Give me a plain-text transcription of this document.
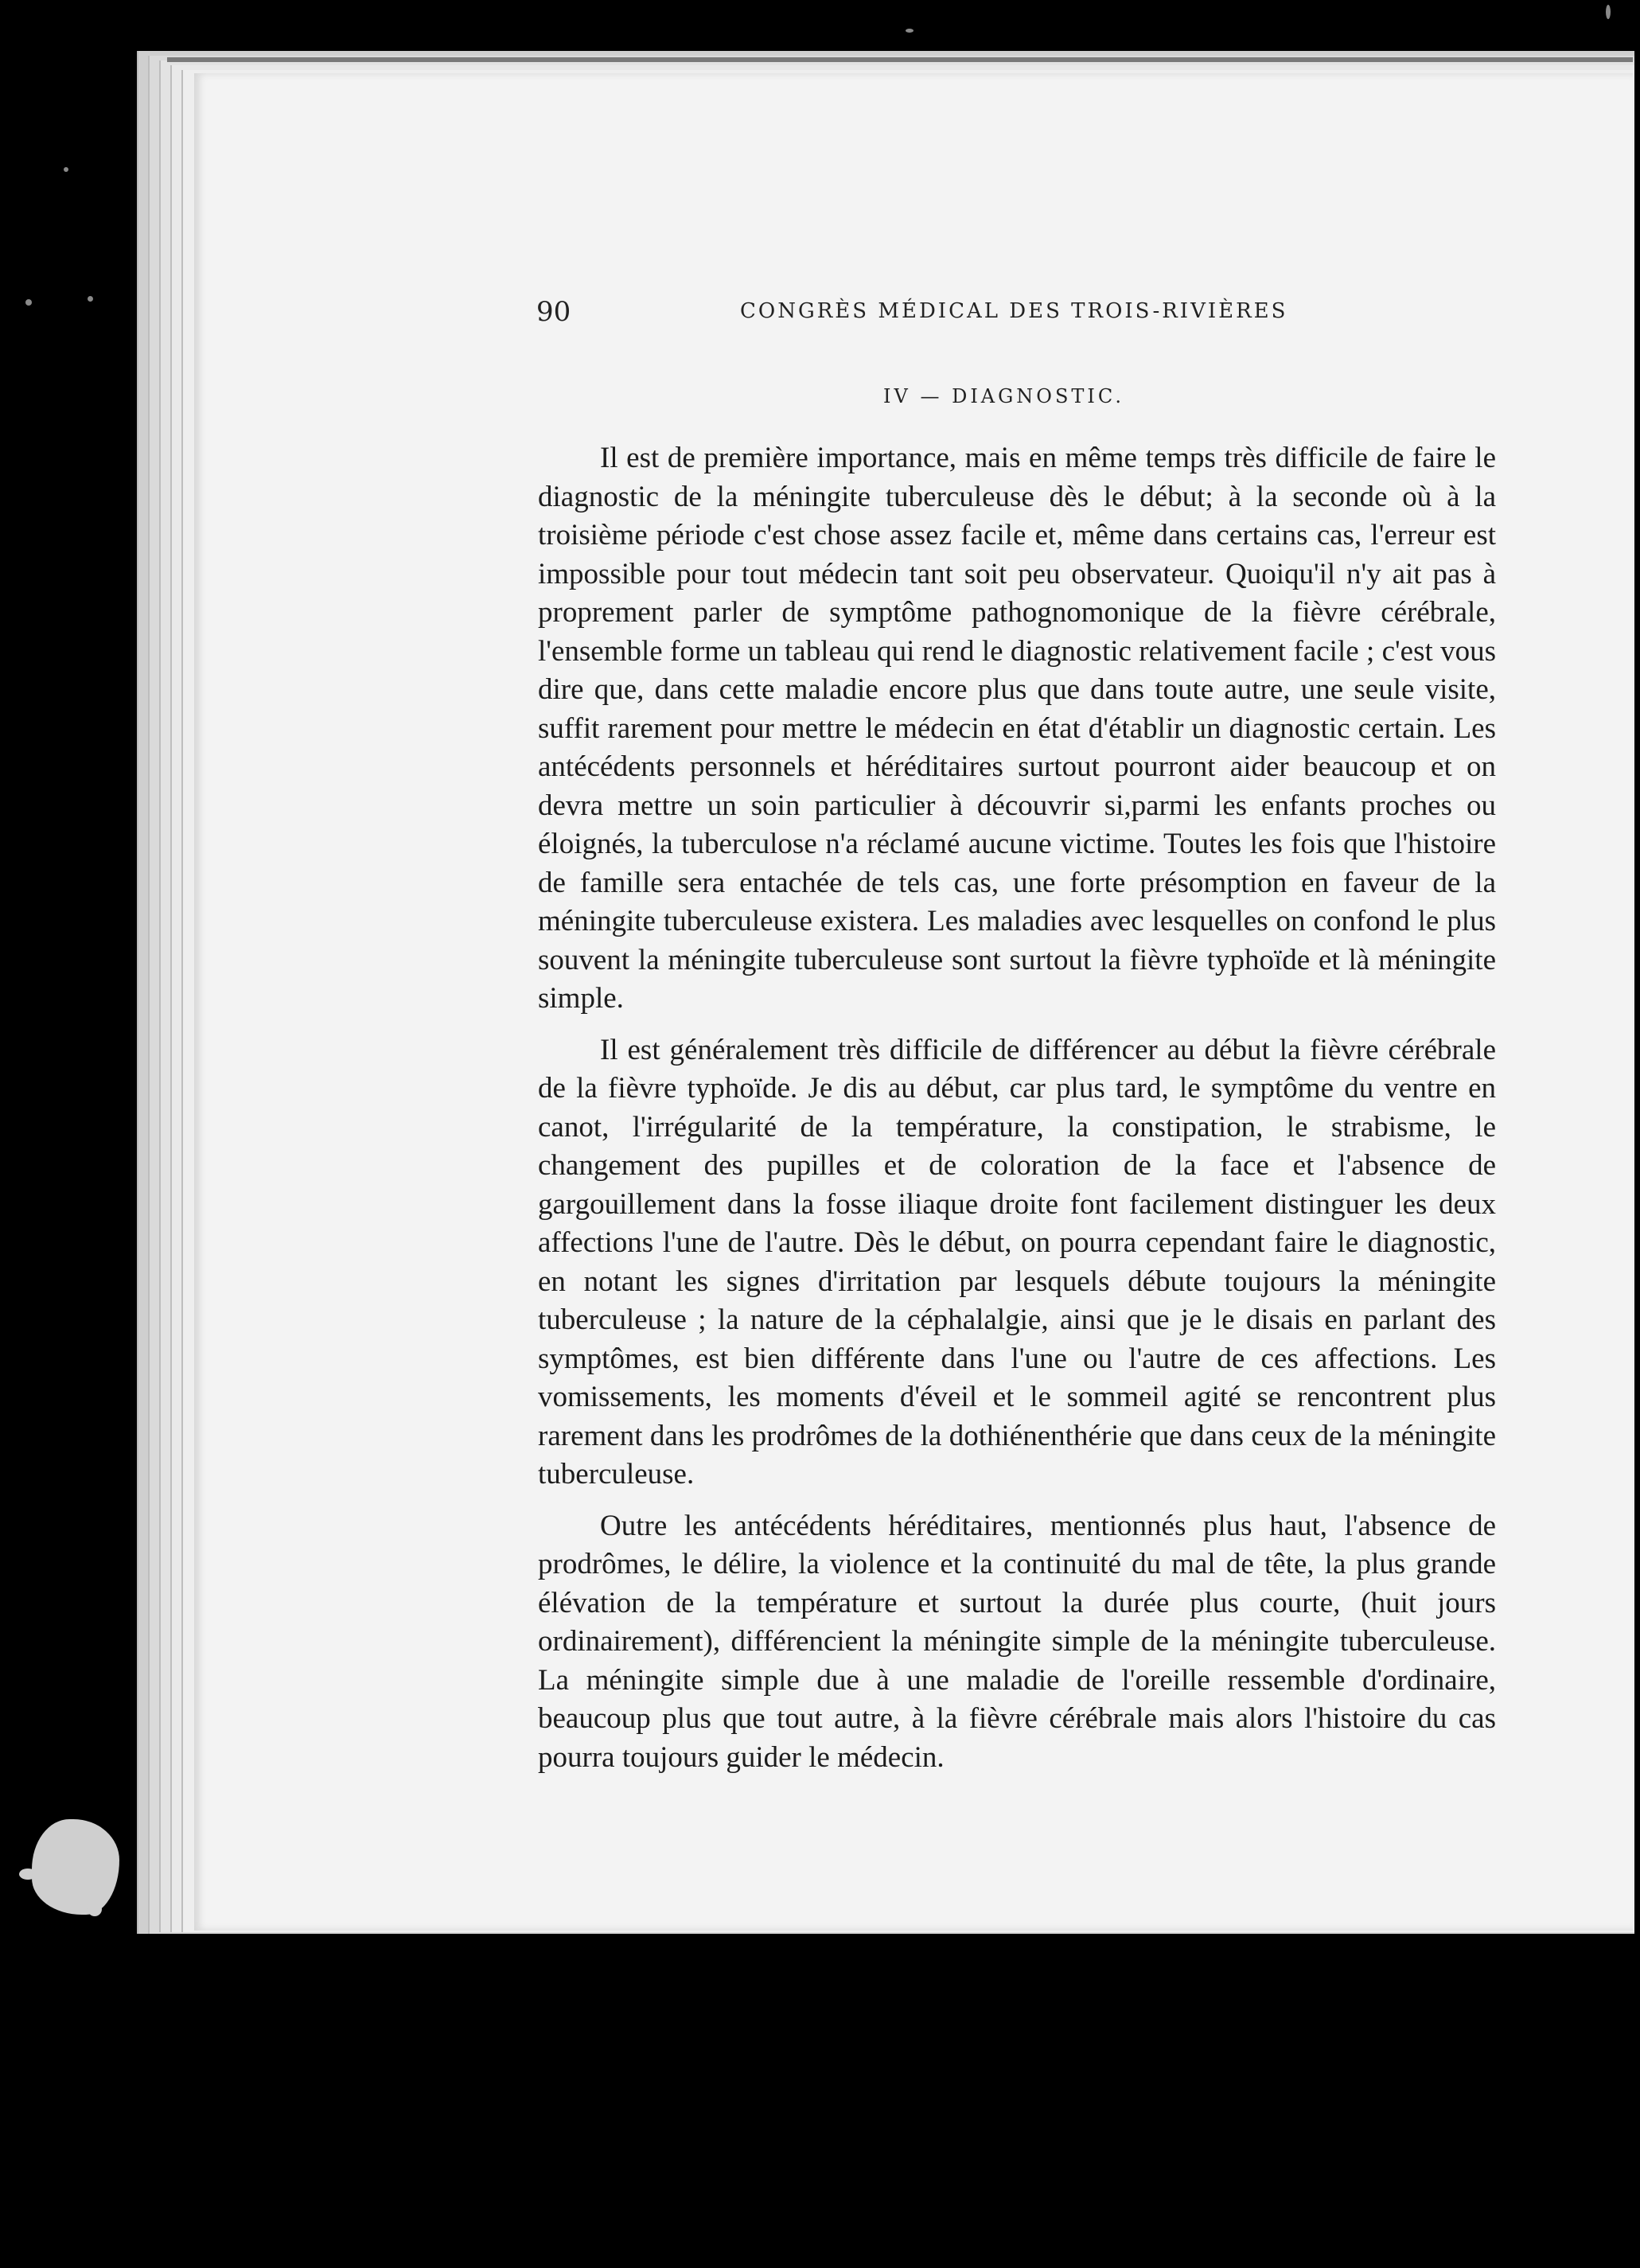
90	CONGRÈS MÉDICAL DES TROIS-RIVIÈRES
IV — DIAGNOSTIC.

Il est de première importance, mais en même temps très difficile de faire le diagnostic de la méningite tuberculeuse dès le début; à la seconde où à la troisième période c'est chose assez facile et, même dans certains cas, l'erreur est impossible pour tout médecin tant soit peu observateur. Quoiqu'il n'y ait pas à proprement parler de symptôme pathognomonique de la fièvre cérébrale, l'ensemble forme un tableau qui rend le diagnostic relativement facile ; c'est vous dire que, dans cette maladie encore plus que dans toute autre, une seule visite, suffit rarement pour mettre le médecin en état d'établir un diagnostic certain. Les antécédents personnels et héréditaires surtout pourront aider beaucoup et on devra mettre un soin particulier à découvrir si,parmi les enfants proches ou éloignés, la tuberculose n'a réclamé aucune victime. Toutes les fois que l'histoire de famille sera entachée de tels cas, une forte présomption en faveur de la méningite tuberculeuse existera. Les maladies avec lesquelles on confond le plus souvent la méningite tuberculeuse sont surtout la fièvre typhoïde et là méningite simple.

Il est généralement très difficile de différencer au début la fièvre cérébrale de la fièvre typhoïde. Je dis au début, car plus tard, le symptôme du ventre en canot, l'irrégularité de la température, la constipation, le strabisme, le changement des pupilles et de coloration de la face et l'absence de gargouillement dans la fosse iliaque droite font facilement distinguer les deux affections l'une de l'autre. Dès le début, on pourra cependant faire le diagnostic, en notant les signes d'irritation par lesquels débute toujours la méningite tuberculeuse ; la nature de la céphalalgie, ainsi que je le disais en parlant des symptômes, est bien différente dans l'une ou l'autre de ces affections. Les vomissements, les moments d'éveil et le sommeil agité se rencontrent plus rarement dans les prodrômes de la dothiénenthérie que dans ceux de la méningite tuberculeuse.

Outre les antécédents héréditaires, mentionnés plus haut, l'absence de prodrômes, le délire, la violence et la continuité du mal de tête, la plus grande élévation de la température et surtout la durée plus courte, (huit jours ordinairement), différencient la méningite simple de la méningite tuberculeuse. La méningite simple due à une maladie de l'oreille ressemble d'ordinaire, beaucoup plus que tout autre, à la fièvre cérébrale mais alors l'histoire du cas pourra toujours guider le médecin.
